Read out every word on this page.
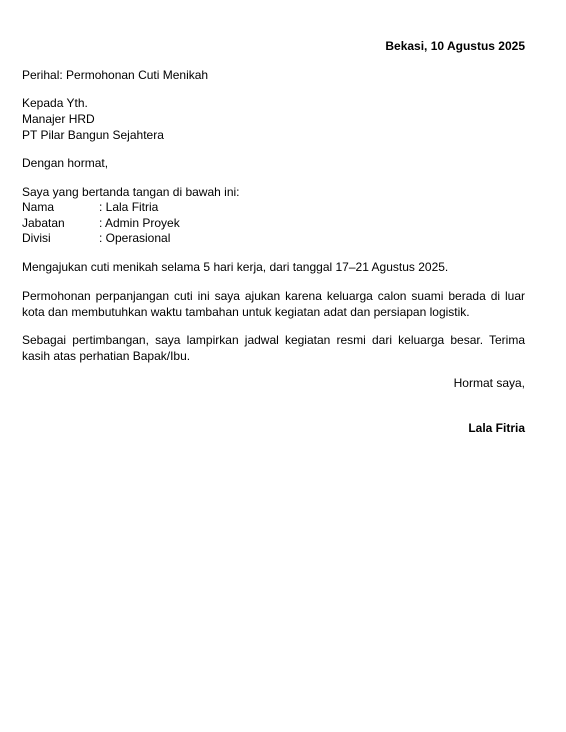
Bekasi, 10 Agustus 2025
Perihal: Permohonan Cuti Menikah
Kepada Yth.
Manajer HRD
PT Pilar Bangun Sejahtera
Dengan hormat,
Saya yang bertanda tangan di bawah ini:
Nama	: Lala Fitria
Jabatan	: Admin Proyek
Divisi	: Operasional
Mengajukan cuti menikah selama 5 hari kerja, dari tanggal 17–21 Agustus 2025.
Permohonan perpanjangan cuti ini saya ajukan karena keluarga calon suami berada di luar kota dan membutuhkan waktu tambahan untuk kegiatan adat dan persiapan logistik.
Sebagai pertimbangan, saya lampirkan jadwal kegiatan resmi dari keluarga besar. Terima kasih atas perhatian Bapak/Ibu.
Hormat saya,
Lala Fitria
